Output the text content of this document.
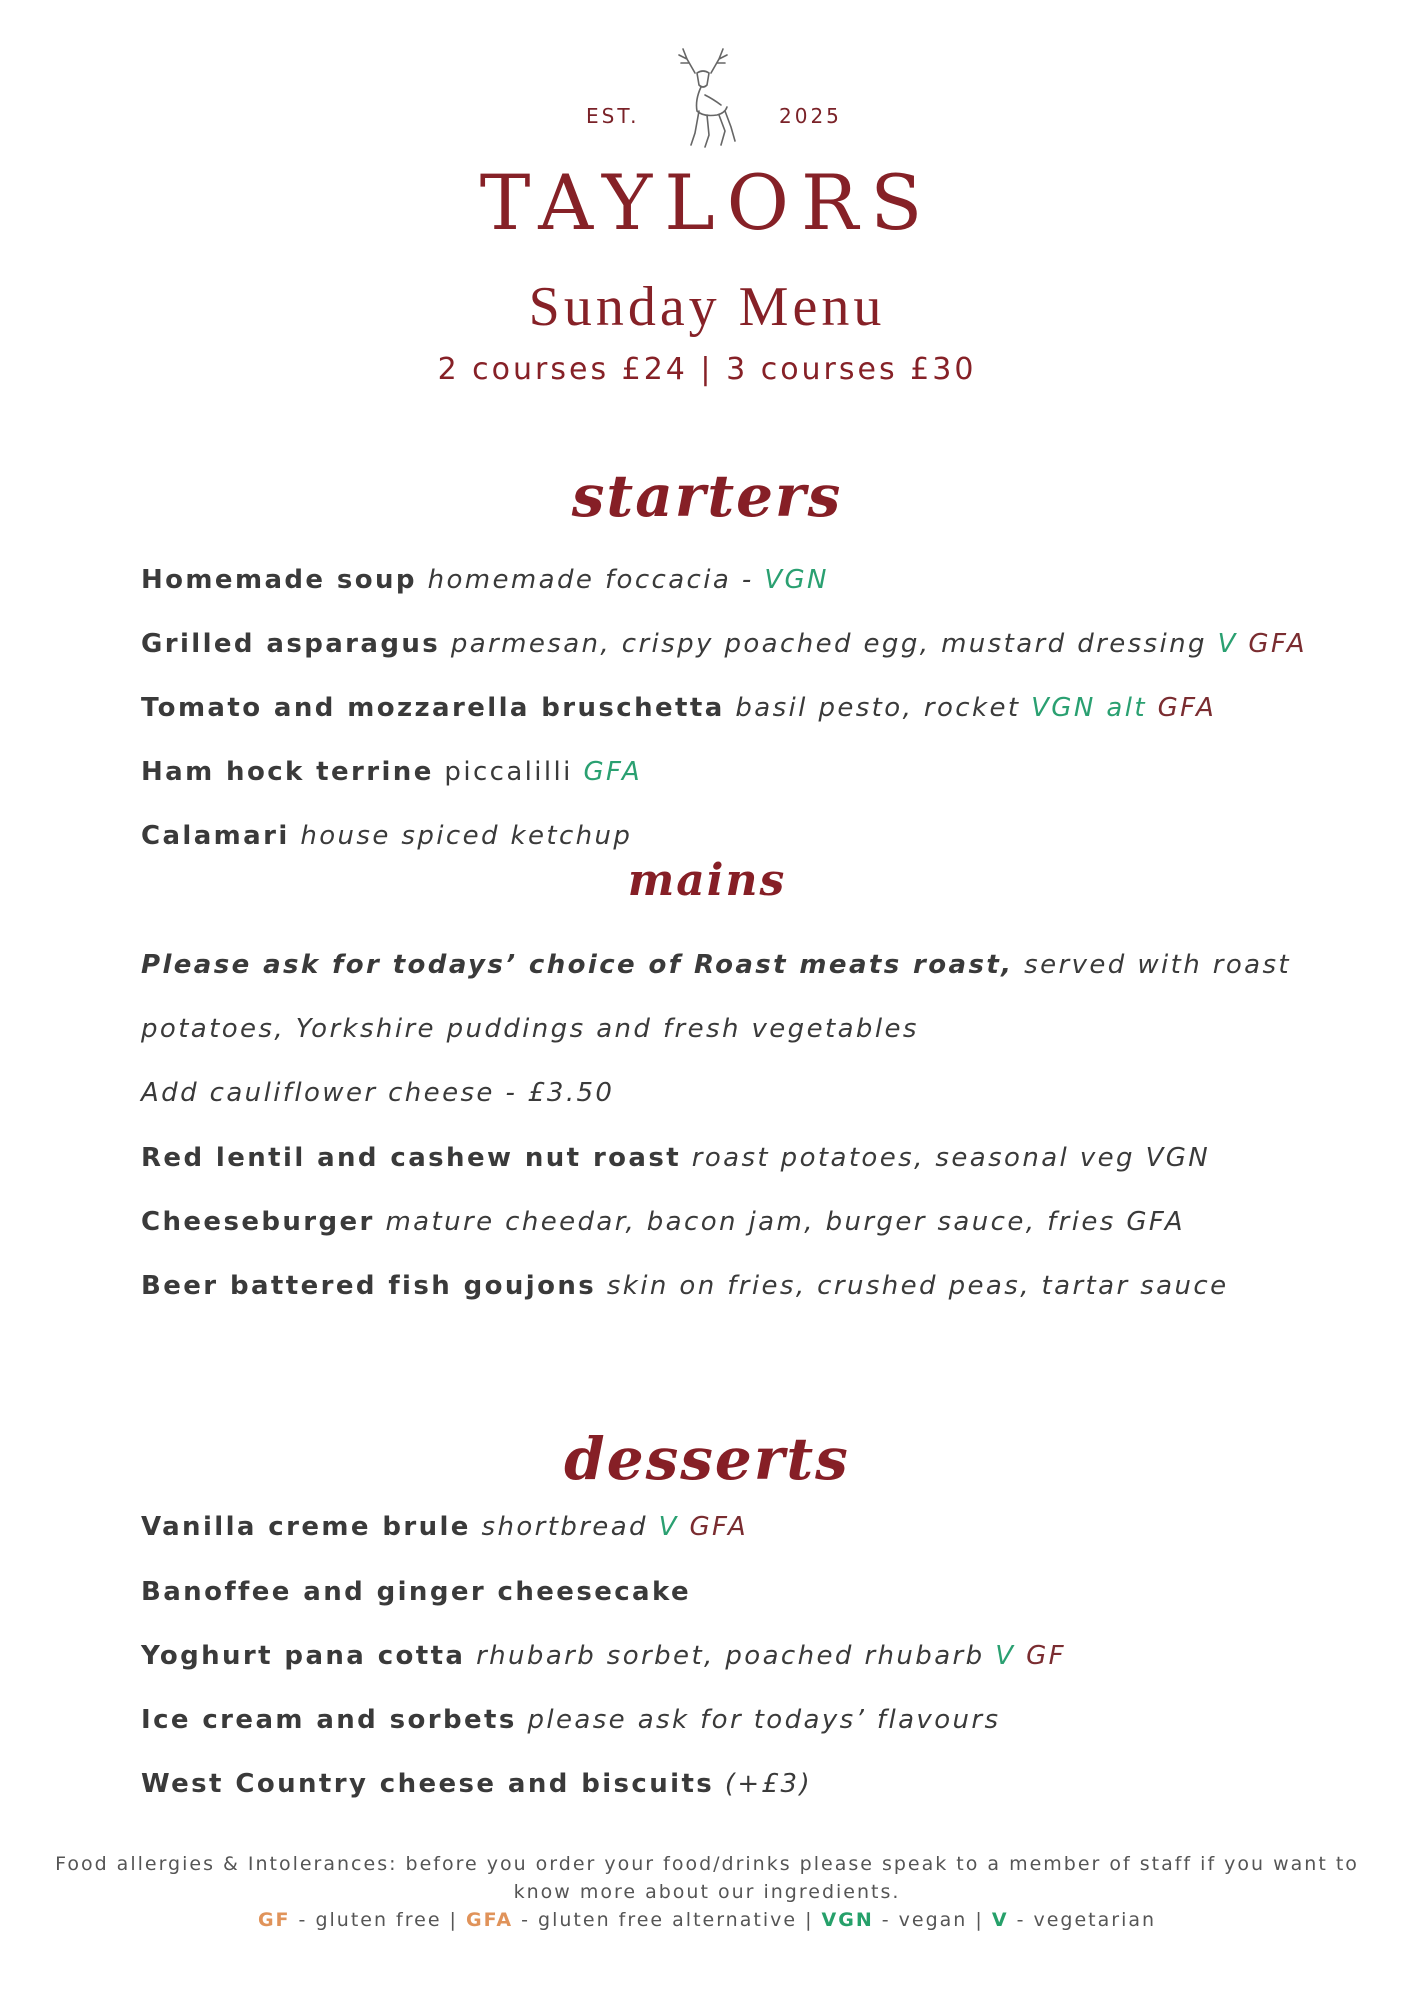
EST.	2025
TAYLORS
Sunday Menu
2 courses £24 | 3 courses £30
starters
Homemade soup homemade foccacia - VGN
Grilled asparagus parmesan, crispy poached egg, mustard dressing V GFA
Tomato and mozzarella bruschetta basil pesto, rocket VGN alt GFA
Ham hock terrine piccalilli GFA
Calamari house spiced ketchup
mains
Please ask for todays’ choice of Roast meats roast, served with roast
potatoes, Yorkshire puddings and fresh vegetables
Add cauliflower cheese - £3.50
Red lentil and cashew nut roast roast potatoes, seasonal veg VGN
Cheeseburger mature cheedar, bacon jam, burger sauce, fries GFA
Beer battered fish goujons skin on fries, crushed peas, tartar sauce
desserts
Vanilla creme brule shortbread V GFA
Banoffee and ginger cheesecake
Yoghurt pana cotta rhubarb sorbet, poached rhubarb V GF
Ice cream and sorbets please ask for todays’ flavours
West Country cheese and biscuits (+£3)
Food allergies & Intolerances: before you order your food/drinks please speak to a member of staff if you want to
know more about our ingredients.
GF - gluten free | GFA - gluten free alternative | VGN - vegan | V - vegetarian
